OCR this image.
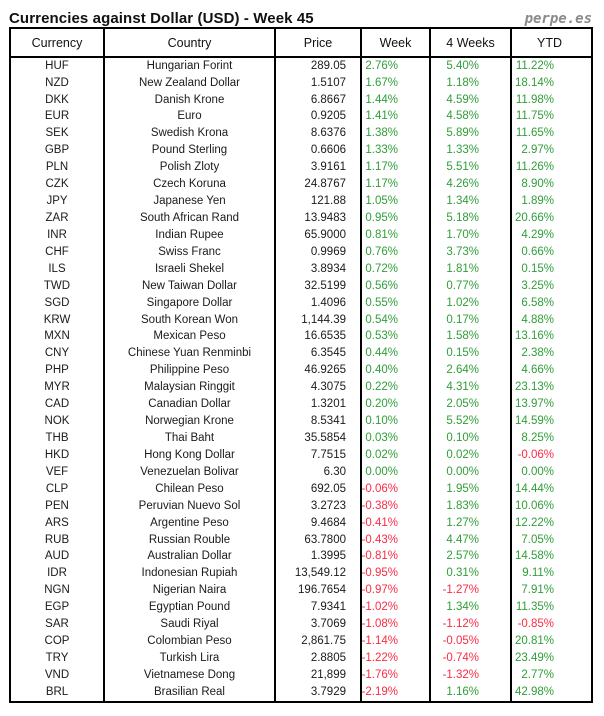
Currencies against Dollar (USD) - Week 45	perpe.es
Currency	Country	Price	Week	4 Weeks	YTD
HUF	Hungarian Forint	289.05	2.76%	5.40%	11.22%
NZD	New Zealand Dollar	1.5107	1.67%	1.18%	18.14%
DKK	Danish Krone	6.8667	1.44%	4.59%	11.98%
EUR	Euro	0.9205	1.41%	4.58%	11.75%
SEK	Swedish Krona	8.6376	1.38%	5.89%	11.65%
GBP	Pound Sterling	0.6606	1.33%	1.33%	2.97%
PLN	Polish Zloty	3.9161	1.17%	5.51%	11.26%
CZK	Czech Koruna	24.8767	1.17%	4.26%	8.90%
JPY	Japanese Yen	121.88	1.05%	1.34%	1.89%
ZAR	South African Rand	13.9483	0.95%	5.18%	20.66%
INR	Indian Rupee	65.9000	0.81%	1.70%	4.29%
CHF	Swiss Franc	0.9969	0.76%	3.73%	0.66%
ILS	Israeli Shekel	3.8934	0.72%	1.81%	0.15%
TWD	New Taiwan Dollar	32.5199	0.56%	0.77%	3.25%
SGD	Singapore Dollar	1.4096	0.55%	1.02%	6.58%
KRW	South Korean Won	1,144.39	0.54%	0.17%	4.88%
MXN	Mexican Peso	16.6535	0.53%	1.58%	13.16%
CNY	Chinese Yuan Renminbi	6.3545	0.44%	0.15%	2.38%
PHP	Philippine Peso	46.9265	0.40%	2.64%	4.66%
MYR	Malaysian Ringgit	4.3075	0.22%	4.31%	23.13%
CAD	Canadian Dollar	1.3201	0.20%	2.05%	13.97%
NOK	Norwegian Krone	8.5341	0.10%	5.52%	14.59%
THB	Thai Baht	35.5854	0.03%	0.10%	8.25%
HKD	Hong Kong Dollar	7.7515	0.02%	0.02%	-0.06%
VEF	Venezuelan Bolivar	6.30	0.00%	0.00%	0.00%
CLP	Chilean Peso	692.05	-0.06%	1.95%	14.44%
PEN	Peruvian Nuevo Sol	3.2723	-0.38%	1.83%	10.06%
ARS	Argentine Peso	9.4684	-0.41%	1.27%	12.22%
RUB	Russian Rouble	63.7800	-0.43%	4.47%	7.05%
AUD	Australian Dollar	1.3995	-0.81%	2.57%	14.58%
IDR	Indonesian Rupiah	13,549.12	-0.95%	0.31%	9.11%
NGN	Nigerian Naira	196.7654	-0.97%	-1.27%	7.91%
EGP	Egyptian Pound	7.9341	-1.02%	1.34%	11.35%
SAR	Saudi Riyal	3.7069	-1.08%	-1.12%	-0.85%
COP	Colombian Peso	2,861.75	-1.14%	-0.05%	20.81%
TRY	Turkish Lira	2.8805	-1.22%	-0.74%	23.49%
VND	Vietnamese Dong	21,899	-1.76%	-1.32%	2.77%
BRL	Brasilian Real	3.7929	-2.19%	1.16%	42.98%
